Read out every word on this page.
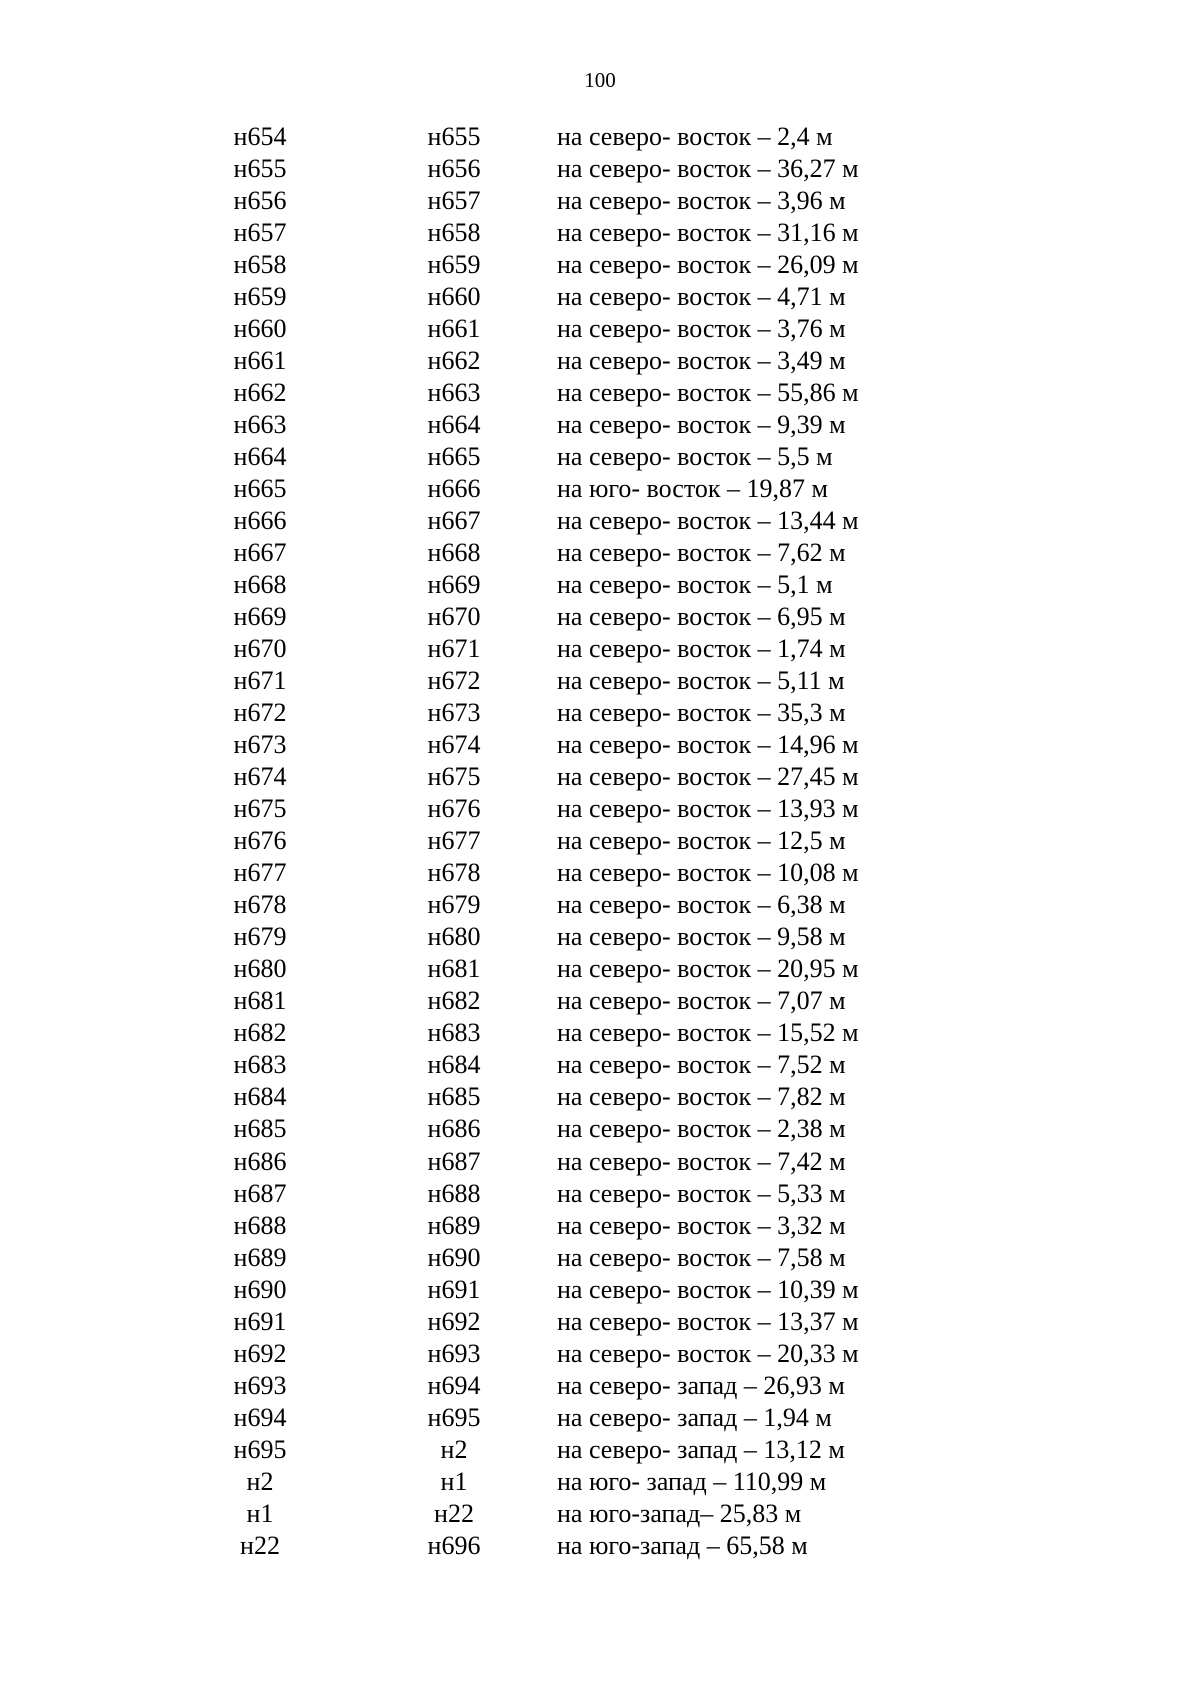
100
н654	н655	на северо- восток – 2,4 м
н655	н656	на северо- восток – 36,27 м
н656	н657	на северо- восток – 3,96 м
н657	н658	на северо- восток – 31,16 м
н658	н659	на северо- восток – 26,09 м
н659	н660	на северо- восток – 4,71 м
н660	н661	на северо- восток – 3,76 м
н661	н662	на северо- восток – 3,49 м
н662	н663	на северо- восток – 55,86 м
н663	н664	на северо- восток – 9,39 м
н664	н665	на северо- восток – 5,5 м
н665	н666	на юго- восток – 19,87 м
н666	н667	на северо- восток – 13,44 м
н667	н668	на северо- восток – 7,62 м
н668	н669	на северо- восток – 5,1 м
н669	н670	на северо- восток – 6,95 м
н670	н671	на северо- восток – 1,74 м
н671	н672	на северо- восток – 5,11 м
н672	н673	на северо- восток – 35,3 м
н673	н674	на северо- восток – 14,96 м
н674	н675	на северо- восток – 27,45 м
н675	н676	на северо- восток – 13,93 м
н676	н677	на северо- восток – 12,5 м
н677	н678	на северо- восток – 10,08 м
н678	н679	на северо- восток – 6,38 м
н679	н680	на северо- восток – 9,58 м
н680	н681	на северо- восток – 20,95 м
н681	н682	на северо- восток – 7,07 м
н682	н683	на северо- восток – 15,52 м
н683	н684	на северо- восток – 7,52 м
н684	н685	на северо- восток – 7,82 м
н685	н686	на северо- восток – 2,38 м
н686	н687	на северо- восток – 7,42 м
н687	н688	на северо- восток – 5,33 м
н688	н689	на северо- восток – 3,32 м
н689	н690	на северо- восток – 7,58 м
н690	н691	на северо- восток – 10,39 м
н691	н692	на северо- восток – 13,37 м
н692	н693	на северо- восток – 20,33 м
н693	н694	на северо- запад – 26,93 м
н694	н695	на северо- запад – 1,94 м
н695	н2	на северо- запад – 13,12 м
н2	н1	на юго- запад – 110,99 м
н1	н22	на юго-запад– 25,83 м
н22	н696	на юго-запад – 65,58 м
